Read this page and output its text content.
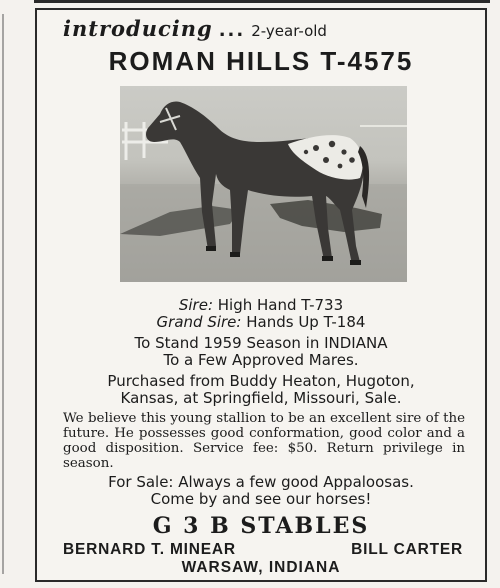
introducing ... 2-year-old
ROMAN HILLS T-4575
Sire: High Hand T-733
Grand Sire: Hands Up T-184
To Stand 1959 Season in INDIANA
To a Few Approved Mares.
Purchased from Buddy Heaton, Hugoton,
Kansas, at Springfield, Missouri, Sale.
We believe this young stallion to be an excellent sire of the future. He possesses good conformation, good color and a good disposition. Service fee: $50. Return privilege in season.
For Sale: Always a few good Appaloosas.
Come by and see our horses!
G 3 B STABLES
BERNARD T. MINEAR	BILL CARTER
WARSAW, INDIANA
